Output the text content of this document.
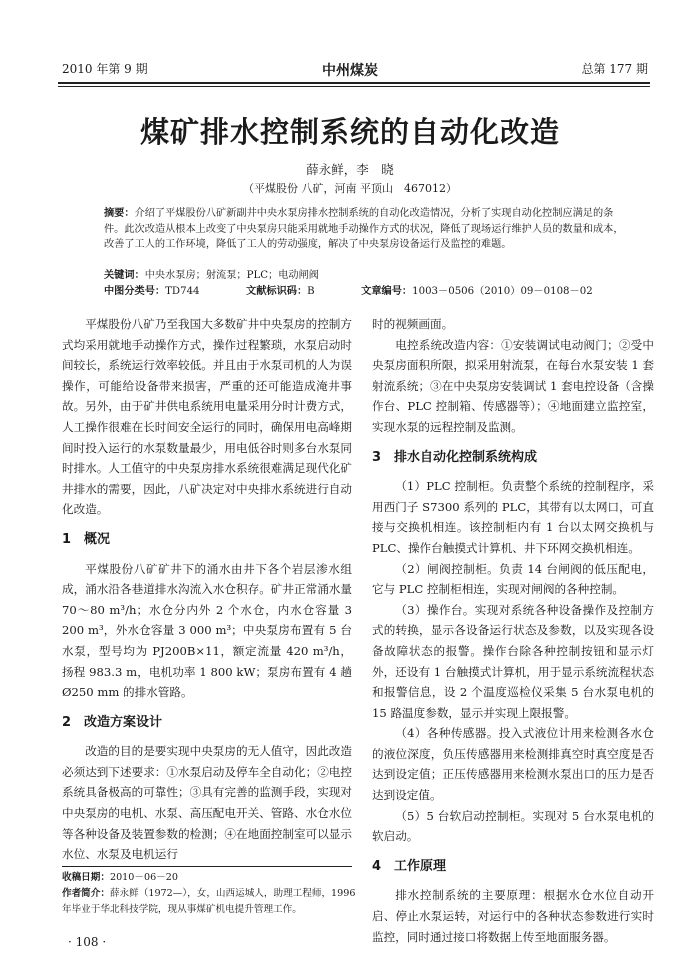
2010 年第 9 期	中州煤炭	总第 177 期
煤矿排水控制系统的自动化改造
薛永鲜，李　晓
（平煤股份 八矿，河南 平顶山　467012）
摘要：介绍了平煤股份八矿新副井中央水泵房排水控制系统的自动化改造情况，分析了实现自动化控制应满足的条件。此次改造从根本上改变了中央泵房只能采用就地手动操作方式的状况，降低了现场运行维护人员的数量和成本，改善了工人的工作环境，降低了工人的劳动强度，解决了中央泵房设备运行及监控的难题。
关键词：中央水泵房；射流泵；PLC；电动闸阀
中图分类号：TD744	文献标识码：B	文章编号：1003－0506（2010）09－0108－02

平煤股份八矿乃至我国大多数矿井中央泵房的控制方式均采用就地手动操作方式，操作过程繁琐，水泵启动时间较长，系统运行效率较低。并且由于水泵司机的人为误操作，可能给设备带来损害，严重的还可能造成淹井事故。另外，由于矿井供电系统用电量采用分时计费方式，人工操作很难在长时间安全运行的同时，确保用电高峰期间时投入运行的水泵数量最少，用电低谷时则多台水泵同时排水。人工值守的中央泵房排水系统很难满足现代化矿井排水的需要，因此，八矿决定对中央排水系统进行自动化改造。

1　概况

平煤股份八矿矿井下的涌水由井下各个岩层渗水组成，涌水沿各巷道排水沟流入水仓积存。矿井正常涌水量 70～80 m³/h；水仓分内外 2 个水仓，内水仓容量 3 200 m³，外水仓容量 3 000 m³；中央泵房布置有 5 台水泵，型号均为 PJ200B×11，额定流量 420 m³/h，扬程 983.3 m，电机功率 1 800 kW；泵房布置有 4 趟Ø250 mm 的排水管路。

2　改造方案设计

改造的目的是要实现中央泵房的无人值守，因此改造必须达到下述要求：①水泵启动及停车全自动化；②电控系统具备极高的可靠性；③具有完善的监测手段，实现对中央泵房的电机、水泵、高压配电开关、管路、水仓水位等各种设备及装置参数的检测；④在地面控制室可以显示水位、水泵及电机运行

时的视频画面。

电控系统改造内容：①安装调试电动阀门；②受中央泵房面积所限，拟采用射流泵，在每台水泵安装 1 套射流系统；③在中央泵房安装调试 1 套电控设备（含操作台、PLC 控制箱、传感器等）；④地面建立监控室，实现水泵的远程控制及监测。

3　排水自动化控制系统构成

（1）PLC 控制柜。负责整个系统的控制程序，采用西门子 S7300 系列的 PLC，其带有以太网口，可直接与交换机相连。该控制柜内有 1 台以太网交换机与 PLC、操作台触摸式计算机、井下环网交换机相连。

（2）闸阀控制柜。负责 14 台闸阀的低压配电，它与 PLC 控制柜相连，实现对闸阀的各种控制。

（3）操作台。实现对系统各种设备操作及控制方式的转换，显示各设备运行状态及参数，以及实现各设备故障状态的报警。操作台除各种控制按钮和显示灯外，还设有 1 台触摸式计算机，用于显示系统流程状态和报警信息，设 2 个温度巡检仪采集 5 台水泵电机的 15 路温度参数，显示并实现上限报警。

（4）各种传感器。投入式液位计用来检测各水仓的液位深度，负压传感器用来检测排真空时真空度是否达到设定值；正压传感器用来检测水泵出口的压力是否达到设定值。

（5）5 台软启动控制柜。实现对 5 台水泵电机的软启动。

4　工作原理

排水控制系统的主要原理：根据水仓水位自动开启、停止水泵运转，对运行中的各种状态参数进行实时监控，同时通过接口将数据上传至地面服务器。

收稿日期：2010－06－20
作者简介：薛永鲜（1972—），女，山西运城人，助理工程师，1996 年毕业于华北科技学院，现从事煤矿机电提升管理工作。
· 108 ·
